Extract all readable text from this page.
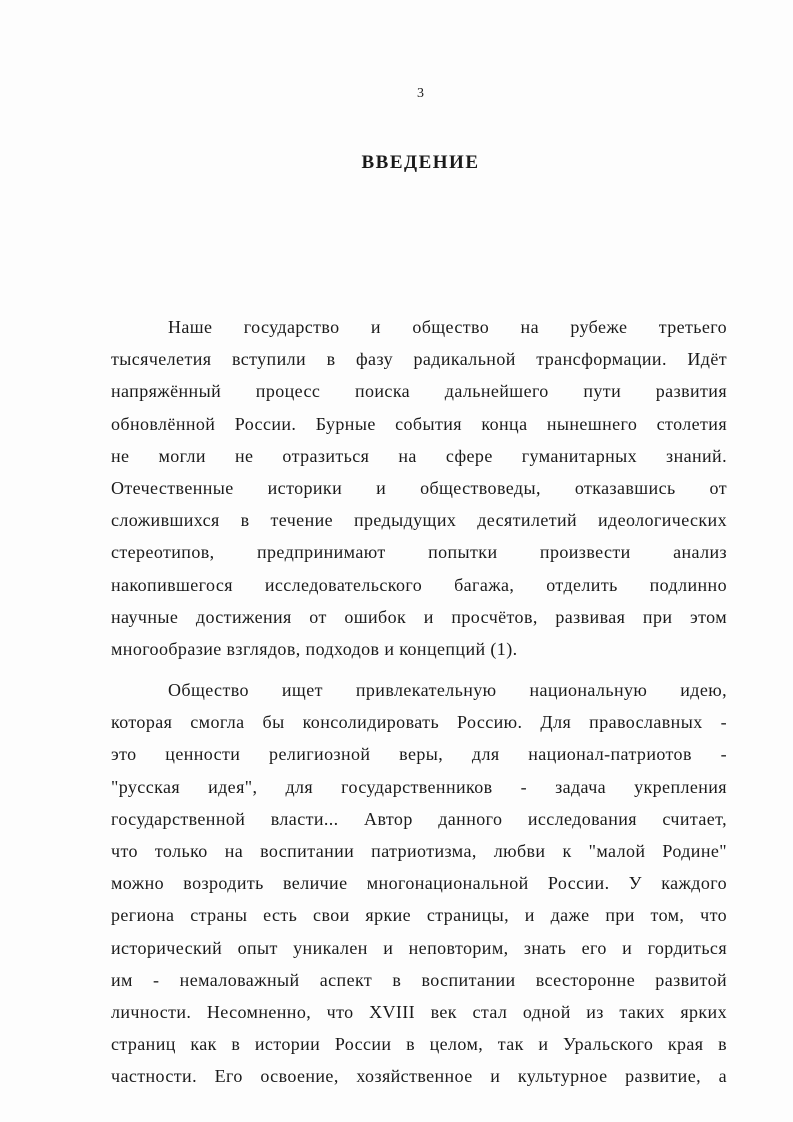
3
ВВЕДЕНИЕ
Наше государство и общество на рубеже третьего
тысячелетия вступили в фазу радикальной трансформации. Идёт
напряжённый процесс поиска дальнейшего пути развития
обновлённой России. Бурные события конца нынешнего столетия
не могли не отразиться на сфере гуманитарных знаний.
Отечественные историки и обществоведы, отказавшись от
сложившихся в течение предыдущих десятилетий идеологических
стереотипов, предпринимают попытки произвести анализ
накопившегося исследовательского багажа, отделить подлинно
научные достижения от ошибок и просчётов, развивая при этом
многообразие взглядов, подходов и концепций (1).
Общество ищет привлекательную национальную идею,
которая смогла бы консолидировать Россию. Для православных -
это ценности религиозной веры, для национал-патриотов -
"русская идея", для государственников - задача укрепления
государственной власти... Автор данного исследования считает,
что только на воспитании патриотизма, любви к "малой Родине"
можно возродить величие многонациональной России. У каждого
региона страны есть свои яркие страницы, и даже при том, что
исторический опыт уникален и неповторим, знать его и гордиться
им - немаловажный аспект в воспитании всесторонне развитой
личности. Несомненно, что XVIII век стал одной из таких ярких
страниц как в истории России в целом, так и Уральского края в
частности. Его освоение, хозяйственное и культурное развитие, а
